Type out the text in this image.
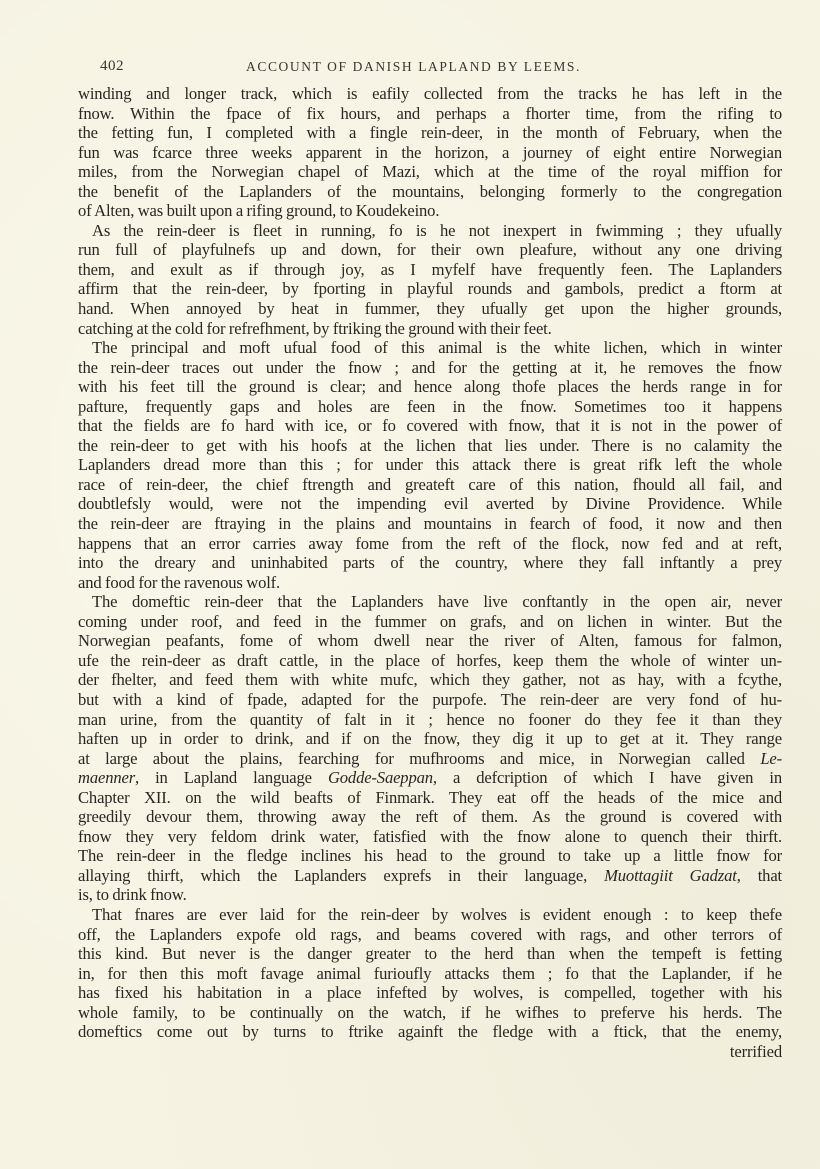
402	ACCOUNT OF DANISH LAPLAND BY LEEMS.

winding and longer track, which is eafily collected from the tracks he has left in the
fnow. Within the fpace of fix hours, and perhaps a fhorter time, from the rifing to
the fetting fun, I completed with a fingle rein-deer, in the month of February, when the
fun was fcarce three weeks apparent in the horizon, a journey of eight entire Norwegian
miles, from the Norwegian chapel of Mazi, which at the time of the royal miffion for
the benefit of the Laplanders of the mountains, belonging formerly to the congregation
of Alten, was built upon a rifing ground, to Koudekeino.

As the rein-deer is fleet in running, fo is he not inexpert in fwimming ; they ufually
run full of playfulnefs up and down, for their own pleafure, without any one driving
them, and exult as if through joy, as I myfelf have frequently feen. The Laplanders
affirm that the rein-deer, by fporting in playful rounds and gambols, predict a ftorm at
hand. When annoyed by heat in fummer, they ufually get upon the higher grounds,
catching at the cold for refrefhment, by ftriking the ground with their feet.

The principal and moft ufual food of this animal is the white lichen, which in winter
the rein-deer traces out under the fnow ; and for the getting at it, he removes the fnow
with his feet till the ground is clear; and hence along thofe places the herds range in for
pafture, frequently gaps and holes are feen in the fnow. Sometimes too it happens
that the fields are fo hard with ice, or fo covered with fnow, that it is not in the power of
the rein-deer to get with his hoofs at the lichen that lies under. There is no calamity the
Laplanders dread more than this ; for under this attack there is great rifk left the whole
race of rein-deer, the chief ftrength and greateft care of this nation, fhould all fail, and
doubtlefsly would, were not the impending evil averted by Divine Providence. While
the rein-deer are ftraying in the plains and mountains in fearch of food, it now and then
happens that an error carries away fome from the reft of the flock, now fed and at reft,
into the dreary and uninhabited parts of the country, where they fall inftantly a prey
and food for the ravenous wolf.

The domeftic rein-deer that the Laplanders have live conftantly in the open air, never
coming under roof, and feed in the fummer on grafs, and on lichen in winter. But the
Norwegian peafants, fome of whom dwell near the river of Alten, famous for falmon,
ufe the rein-deer as draft cattle, in the place of horfes, keep them the whole of winter un-
der fhelter, and feed them with white mufc, which they gather, not as hay, with a fcythe,
but with a kind of fpade, adapted for the purpofe. The rein-deer are very fond of hu-
man urine, from the quantity of falt in it ; hence no fooner do they fee it than they
haften up in order to drink, and if on the fnow, they dig it up to get at it. They range
at large about the plains, fearching for mufhrooms and mice, in Norwegian called Le-
maenner, in Lapland language Godde-Saeppan, a defcription of which I have given in
Chapter XII. on the wild beafts of Finmark. They eat off the heads of the mice and
greedily devour them, throwing away the reft of them. As the ground is covered with
fnow they very feldom drink water, fatisfied with the fnow alone to quench their thirft.
The rein-deer in the fledge inclines his head to the ground to take up a little fnow for
allaying thirft, which the Laplanders exprefs in their language, Muottagiit Gadzat, that
is, to drink fnow.

That fnares are ever laid for the rein-deer by wolves is evident enough : to keep thefe
off, the Laplanders expofe old rags, and beams covered with rags, and other terrors of
this kind. But never is the danger greater to the herd than when the tempeft is fetting
in, for then this moft favage animal furioufly attacks them ; fo that the Laplander, if he
has fixed his habitation in a place infefted by wolves, is compelled, together with his
whole family, to be continually on the watch, if he wifhes to preferve his herds. The
domeftics come out by turns to ftrike againft the fledge with a ftick, that the enemy,

terrified
